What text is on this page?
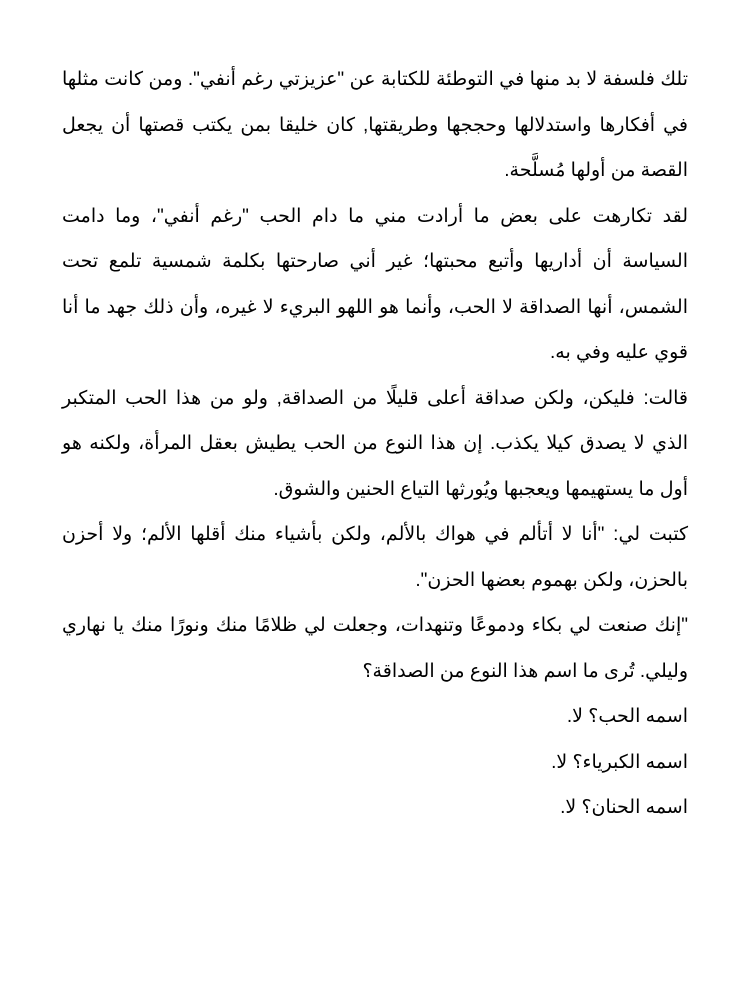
تلك فلسفة لا بد منها في التوطئة للكتابة عن "عزيزتي رغم أنفي". ومن كانت مثلها في أفكارها واستدلالها وحججها وطريقتها, كان خليقا بمن يكتب قصتها أن يجعل القصة من أولها مُسلَّحة.

لقد تكارهت على بعض ما أرادت مني ما دام الحب "رغم أنفي"، وما دامت السياسة أن أداريها وأتبع محبتها؛ غير أني صارحتها بكلمة شمسية تلمع تحت الشمس، أنها الصداقة لا الحب، وأنما هو اللهو البريء لا غيره، وأن ذلك جهد ما أنا قوي عليه وفي به.

قالت: فليكن، ولكن صداقة أعلى قليلًا من الصداقة, ولو من هذا الحب المتكبر الذي لا يصدق كيلا يكذب. إن هذا النوع من الحب يطيش بعقل المرأة، ولكنه هو أول ما يستهيمها ويعجبها ويُورثها التياع الحنين والشوق.

كتبت لي: "أنا لا أتألم في هواك بالألم، ولكن بأشياء منك أقلها الألم؛ ولا أحزن بالحزن، ولكن بهموم بعضها الحزن".

"إنك صنعت لي بكاء ودموعًا وتنهدات، وجعلت لي ظلامًا منك ونورًا منك يا نهاري وليلي. تُرى ما اسم هذا النوع من الصداقة؟

اسمه الحب؟ لا.

اسمه الكبرياء؟ لا.

اسمه الحنان؟ لا.
